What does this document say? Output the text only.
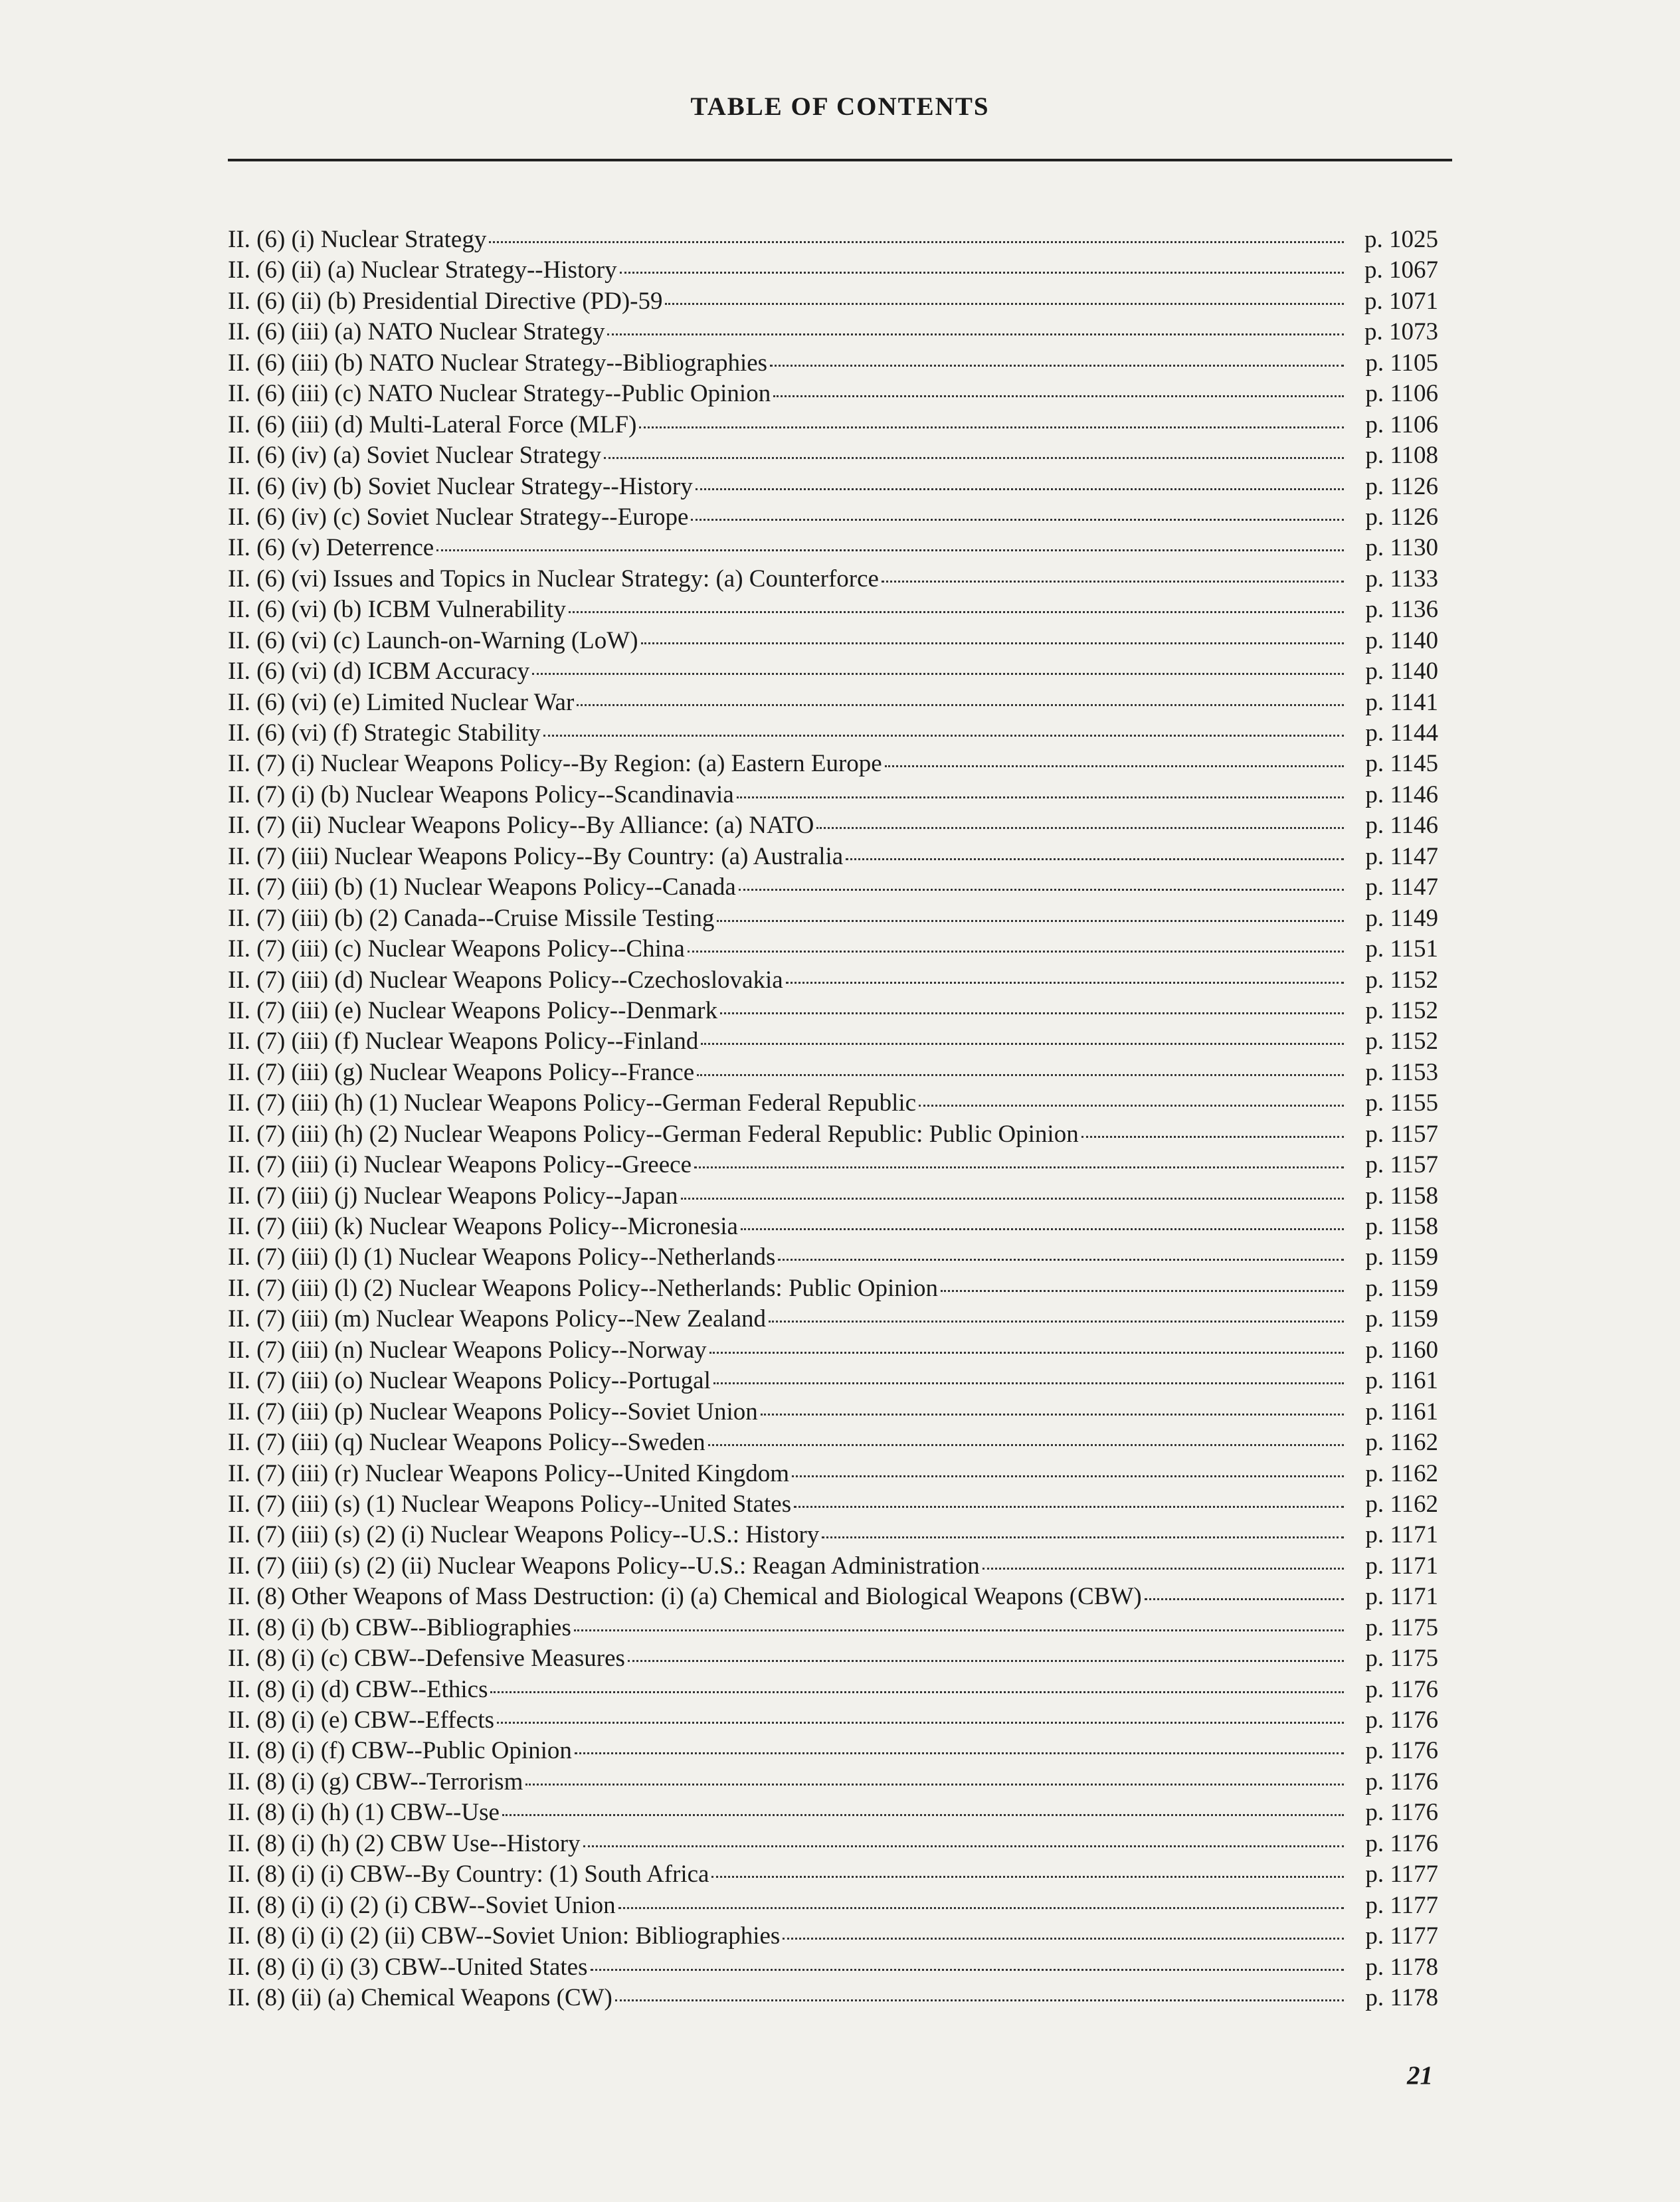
TABLE OF CONTENTS
II. (6) (i) Nuclear Strategy	p. 1025
II. (6) (ii) (a) Nuclear Strategy--History	p. 1067
II. (6) (ii) (b) Presidential Directive (PD)-59	p. 1071
II. (6) (iii) (a) NATO Nuclear Strategy	p. 1073
II. (6) (iii) (b) NATO Nuclear Strategy--Bibliographies	p. 1105
II. (6) (iii) (c) NATO Nuclear Strategy--Public Opinion	p. 1106
II. (6) (iii) (d) Multi-Lateral Force (MLF)	p. 1106
II. (6) (iv) (a) Soviet Nuclear Strategy	p. 1108
II. (6) (iv) (b) Soviet Nuclear Strategy--History	p. 1126
II. (6) (iv) (c) Soviet Nuclear Strategy--Europe	p. 1126
II. (6) (v) Deterrence	p. 1130
II. (6) (vi) Issues and Topics in Nuclear Strategy: (a) Counterforce	p. 1133
II. (6) (vi) (b) ICBM Vulnerability	p. 1136
II. (6) (vi) (c) Launch-on-Warning (LoW)	p. 1140
II. (6) (vi) (d) ICBM Accuracy	p. 1140
II. (6) (vi) (e) Limited Nuclear War	p. 1141
II. (6) (vi) (f) Strategic Stability	p. 1144
II. (7) (i) Nuclear Weapons Policy--By Region: (a) Eastern Europe	p. 1145
II. (7) (i) (b) Nuclear Weapons Policy--Scandinavia	p. 1146
II. (7) (ii) Nuclear Weapons Policy--By Alliance: (a) NATO	p. 1146
II. (7) (iii) Nuclear Weapons Policy--By Country: (a) Australia	p. 1147
II. (7) (iii) (b) (1) Nuclear Weapons Policy--Canada	p. 1147
II. (7) (iii) (b) (2) Canada--Cruise Missile Testing	p. 1149
II. (7) (iii) (c) Nuclear Weapons Policy--China	p. 1151
II. (7) (iii) (d) Nuclear Weapons Policy--Czechoslovakia	p. 1152
II. (7) (iii) (e) Nuclear Weapons Policy--Denmark	p. 1152
II. (7) (iii) (f) Nuclear Weapons Policy--Finland	p. 1152
II. (7) (iii) (g) Nuclear Weapons Policy--France	p. 1153
II. (7) (iii) (h) (1) Nuclear Weapons Policy--German Federal Republic	p. 1155
II. (7) (iii) (h) (2) Nuclear Weapons Policy--German Federal Republic: Public Opinion	p. 1157
II. (7) (iii) (i) Nuclear Weapons Policy--Greece	p. 1157
II. (7) (iii) (j) Nuclear Weapons Policy--Japan	p. 1158
II. (7) (iii) (k) Nuclear Weapons Policy--Micronesia	p. 1158
II. (7) (iii) (l) (1) Nuclear Weapons Policy--Netherlands	p. 1159
II. (7) (iii) (l) (2) Nuclear Weapons Policy--Netherlands: Public Opinion	p. 1159
II. (7) (iii) (m) Nuclear Weapons Policy--New Zealand	p. 1159
II. (7) (iii) (n) Nuclear Weapons Policy--Norway	p. 1160
II. (7) (iii) (o) Nuclear Weapons Policy--Portugal	p. 1161
II. (7) (iii) (p) Nuclear Weapons Policy--Soviet Union	p. 1161
II. (7) (iii) (q) Nuclear Weapons Policy--Sweden	p. 1162
II. (7) (iii) (r) Nuclear Weapons Policy--United Kingdom	p. 1162
II. (7) (iii) (s) (1) Nuclear Weapons Policy--United States	p. 1162
II. (7) (iii) (s) (2) (i) Nuclear Weapons Policy--U.S.: History	p. 1171
II. (7) (iii) (s) (2) (ii) Nuclear Weapons Policy--U.S.: Reagan Administration	p. 1171
II. (8) Other Weapons of Mass Destruction: (i) (a) Chemical and Biological Weapons (CBW)	p. 1171
II. (8) (i) (b) CBW--Bibliographies	p. 1175
II. (8) (i) (c) CBW--Defensive Measures	p. 1175
II. (8) (i) (d) CBW--Ethics	p. 1176
II. (8) (i) (e) CBW--Effects	p. 1176
II. (8) (i) (f) CBW--Public Opinion	p. 1176
II. (8) (i) (g) CBW--Terrorism	p. 1176
II. (8) (i) (h) (1) CBW--Use	p. 1176
II. (8) (i) (h) (2) CBW Use--History	p. 1176
II. (8) (i) (i) CBW--By Country: (1) South Africa	p. 1177
II. (8) (i) (i) (2) (i) CBW--Soviet Union	p. 1177
II. (8) (i) (i) (2) (ii) CBW--Soviet Union: Bibliographies	p. 1177
II. (8) (i) (i) (3) CBW--United States	p. 1178
II. (8) (ii) (a) Chemical Weapons (CW)	p. 1178
21
